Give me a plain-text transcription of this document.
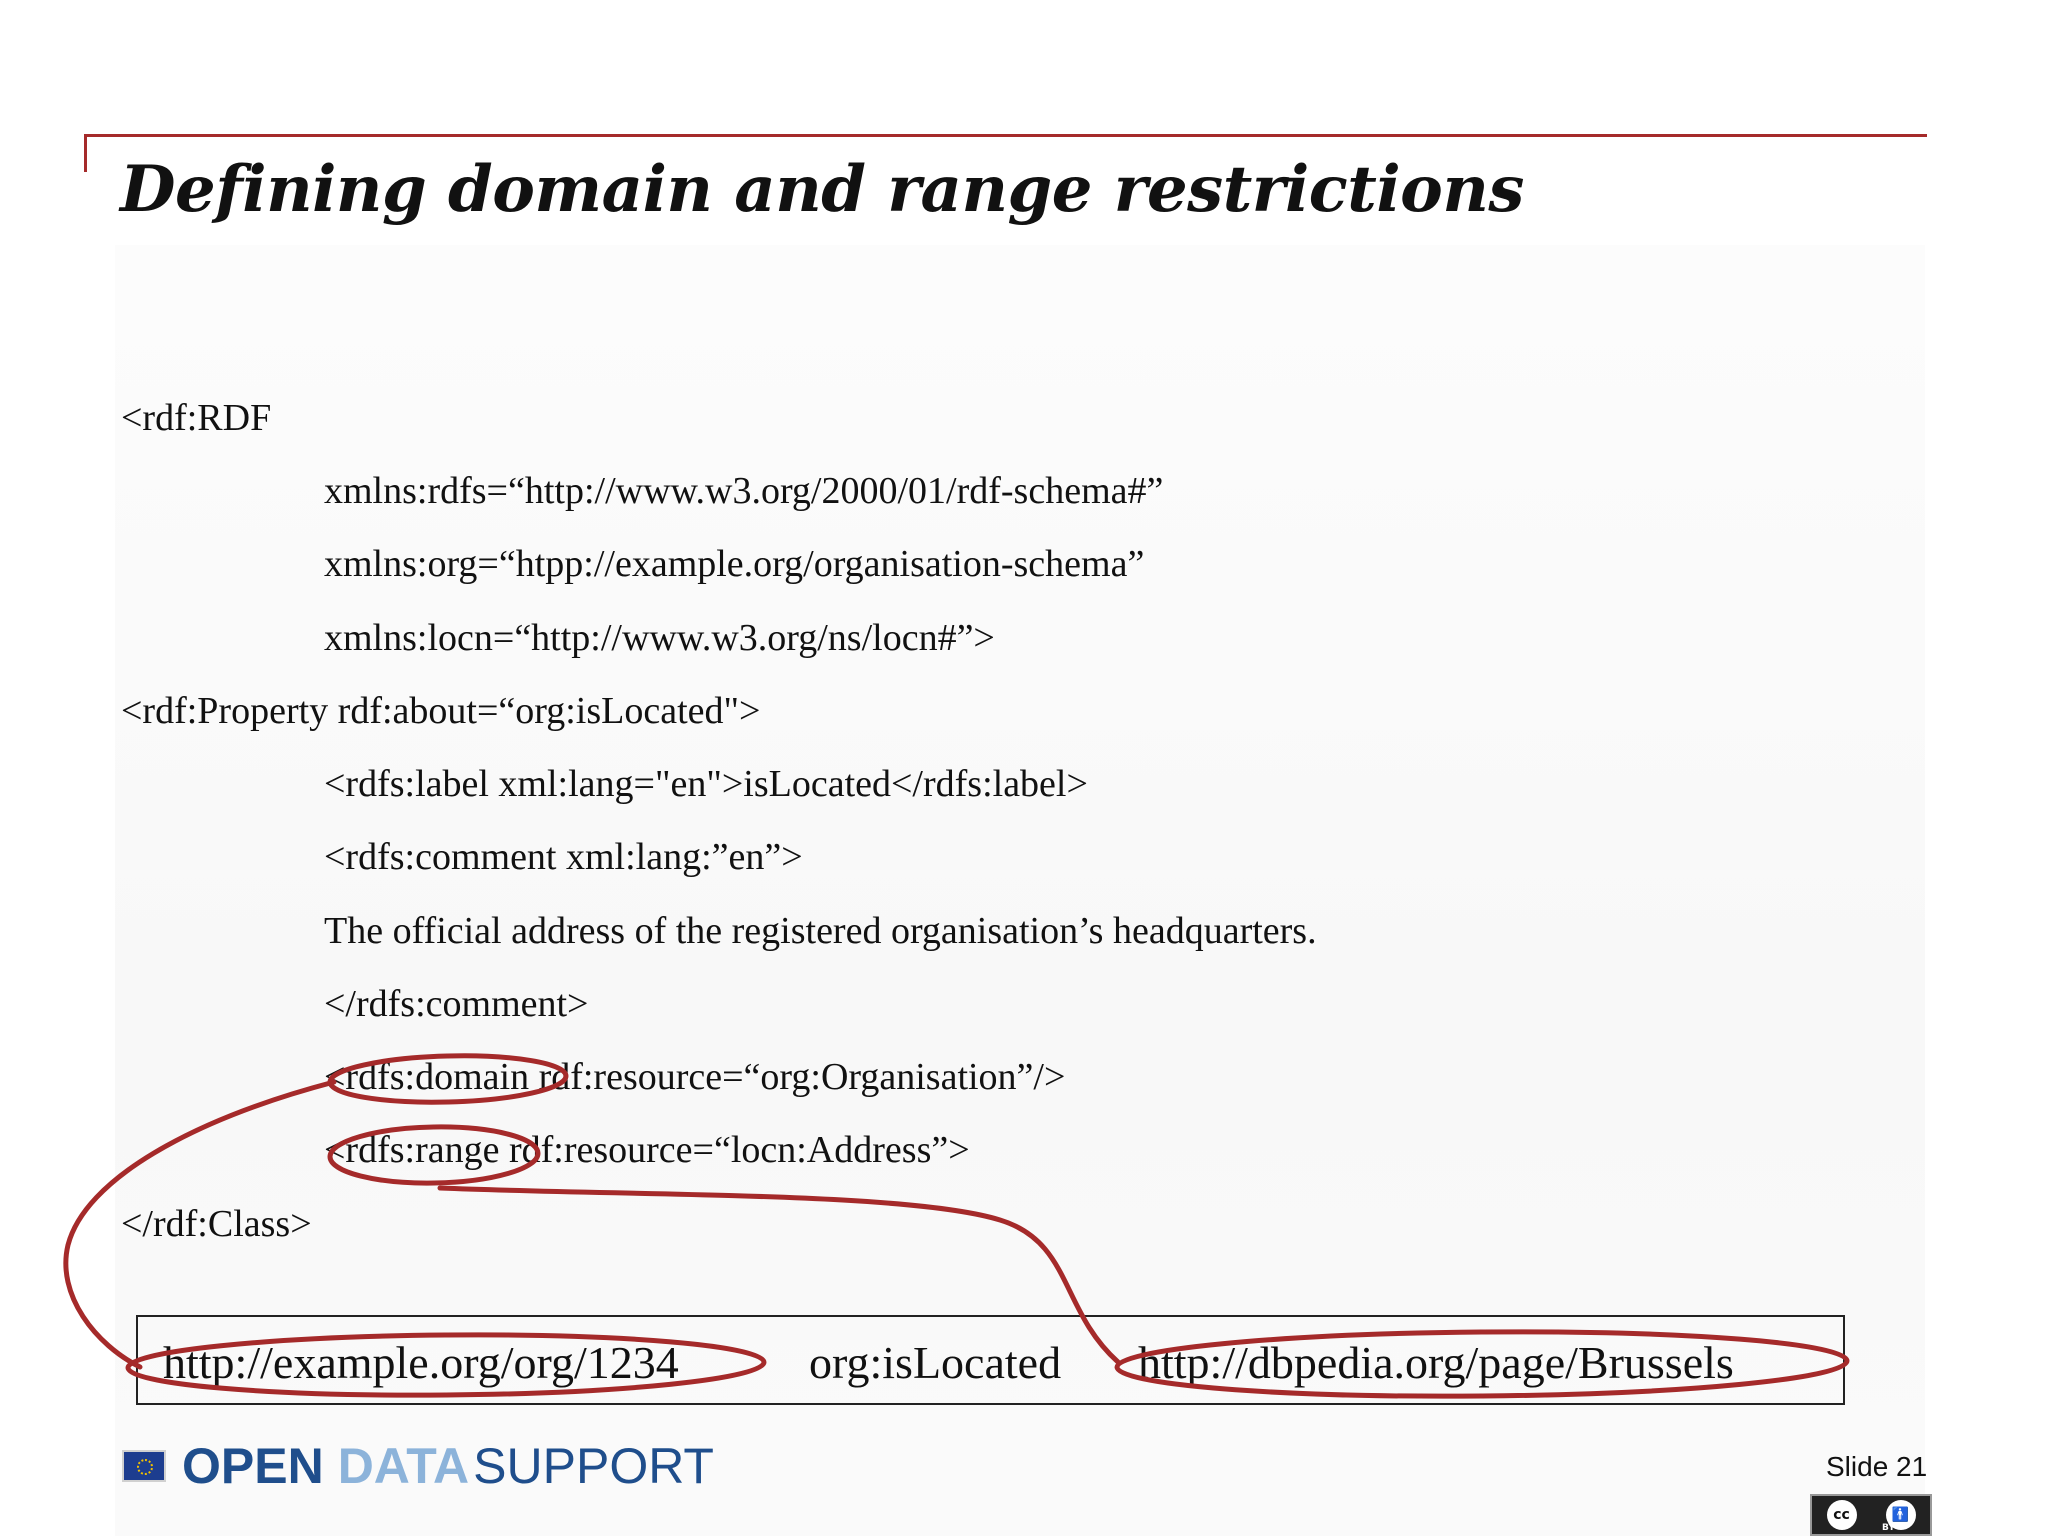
Defining domain and range restrictions
<rdf:RDF
xmlns:rdfs=“http://www.w3.org/2000/01/rdf-schema#”
xmlns:org=“htpp://example.org/organisation-schema”
xmlns:locn=“http://www.w3.org/ns/locn#”>
<rdf:Property rdf:about=“org:isLocated">
<rdfs:label xml:lang="en">isLocated</rdfs:label>
<rdfs:comment xml:lang:”en”>
The official address of the registered organisation’s headquarters.
</rdfs:comment>
<rdfs:domain rdf:resource=“org:Organisation”/>
<rdfs:range rdf:resource=“locn:Address”>
</rdf:Class>
http://example.org/org/1234	org:isLocated http://dbpedia.org/page/Brussels
OPEN DATA SUPPORT	Slide 21
cc	🚹
BY
